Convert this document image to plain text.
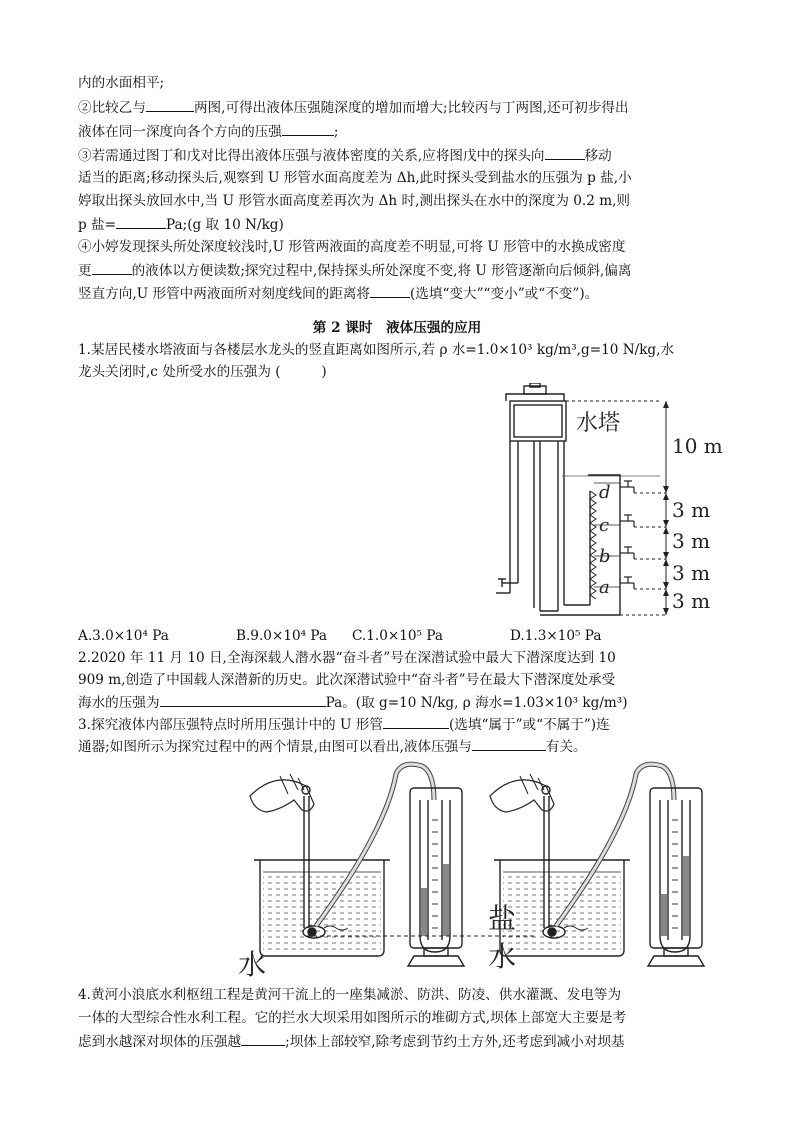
内的水面相平;
②比较乙与	两图,可得出液体压强随深度的增加而增大;比较丙与丁两图,还可初步得出
液体在同一深度向各个方向的压强	;
③若需通过图丁和戊对比得出液体压强与液体密度的关系,应将图戊中的探头向	移动
适当的距离;移动探头后,观察到 U 形管水面高度差为 Δh,此时探头受到盐水的压强为 p 盐,小
婷取出探头放回水中,当 U 形管水面高度差再次为 Δh 时,测出探头在水中的深度为 0.2 m,则
p 盐=	Pa;(g 取 10 N/kg)
④小婷发现探头所处深度较浅时,U 形管两液面的高度差不明显,可将 U 形管中的水换成密度
更	的液体以方便读数;探究过程中,保持探头所处深度不变,将 U 形管逐渐向后倾斜,偏离
竖直方向,U 形管中两液面所对刻度线间的距离将	(选填“变大”“变小”或“不变”)。
第 2 课时　液体压强的应用
1.某居民楼水塔液面与各楼层水龙头的竖直距离如图所示,若 ρ 水=1.0×10³ kg/m³,g=10 N/kg,水
龙头关闭时,c 处所受水的压强为 (　　　)
水塔
10 m
3 m
3 m
3 m
3 m
d
c
b
a
A.3.0×10⁴ Pa	B.9.0×10⁴ Pa C.1.0×10⁵ Pa	D.1.3×10⁵ Pa
2.2020 年 11 月 10 日,全海深载人潜水器“奋斗者”号在深潜试验中最大下潜深度达到 10
909 m,创造了中国载人深潜新的历史。此次深潜试验中“奋斗者”号在最大下潜深度处承受
海水的压强为	Pa。(取 g=10 N/kg, ρ 海水=1.03×10³ kg/m³)
3.探究液体内部压强特点时所用压强计中的 U 形管	(选填“属于”或“不属于”)连
通器;如图所示为探究过程中的两个情景,由图可以看出,液体压强与	有关。
水
盐
水
4.黄河小浪底水利枢纽工程是黄河干流上的一座集减淤、防洪、防凌、供水灌溉、发电等为
一体的大型综合性水利工程。它的拦水大坝采用如图所示的堆砌方式,坝体上部宽大主要是考
虑到水越深对坝体的压强越	;坝体上部较窄,除考虑到节约土方外,还考虑到减小对坝基
